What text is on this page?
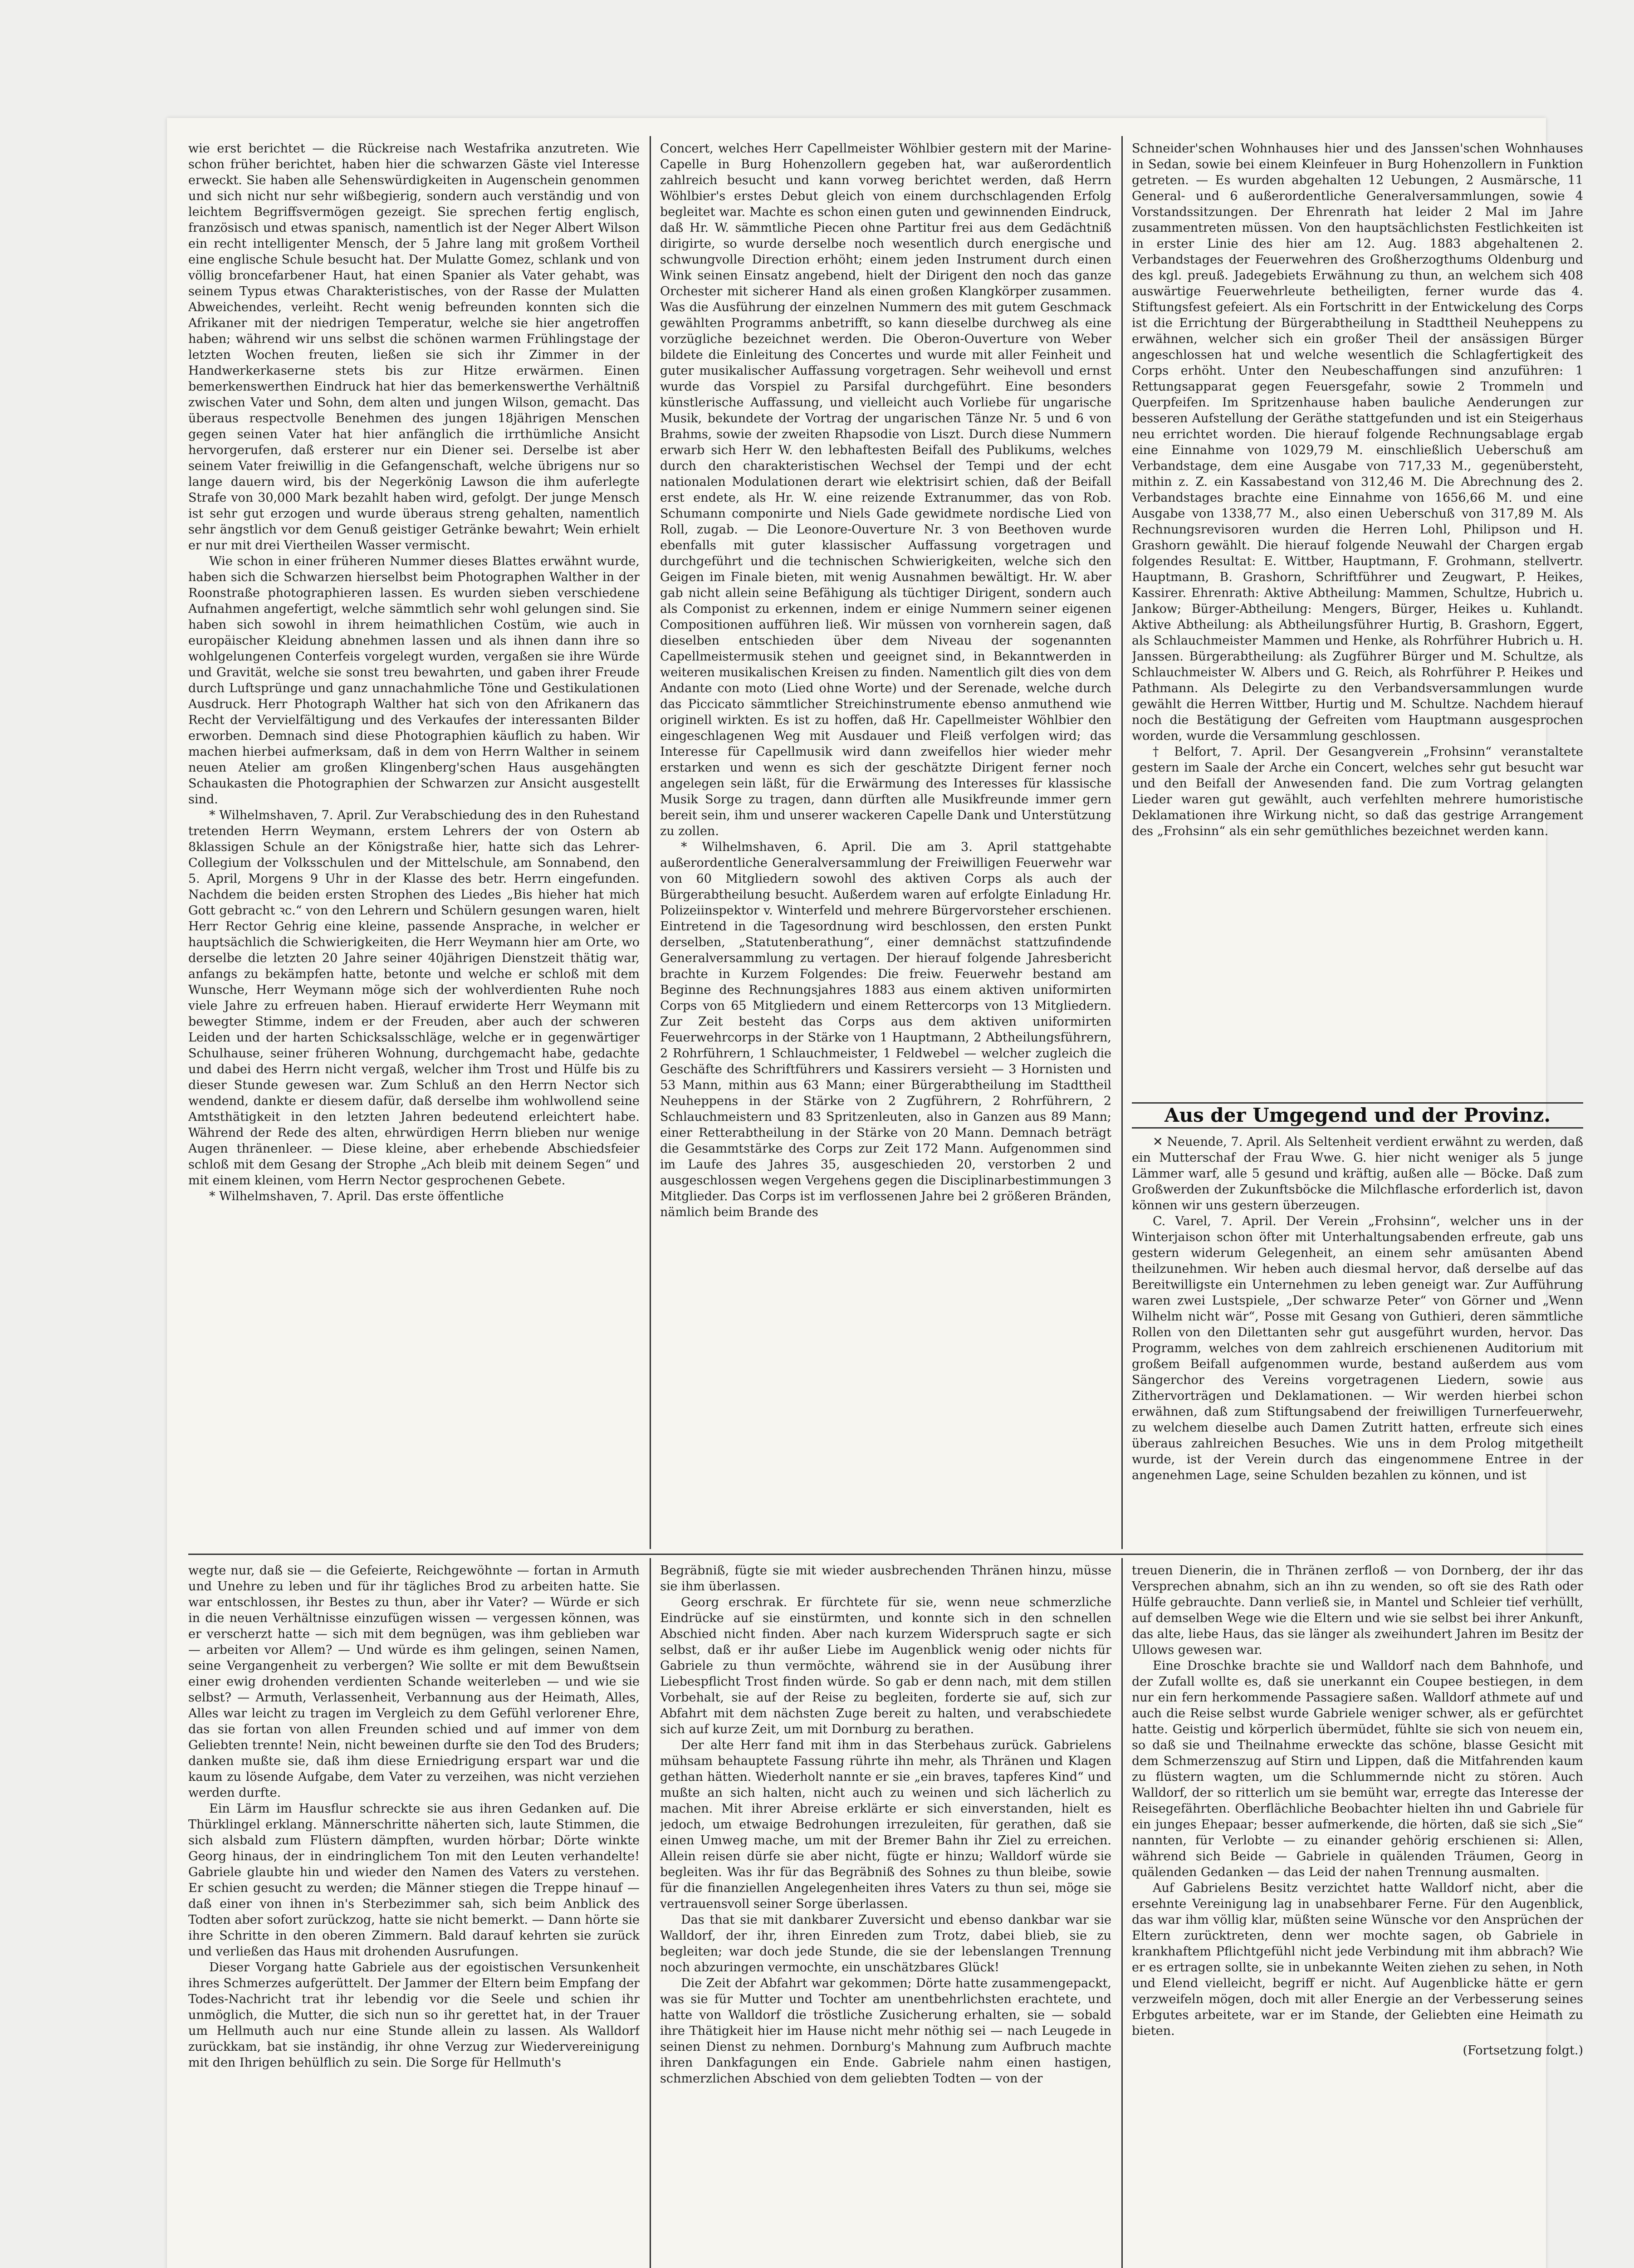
wie erst berichtet — die Rückreise nach Westafrika anzutreten. Wie schon früher berichtet, haben hier die schwarzen Gäste viel Interesse erweckt. Sie haben alle Sehenswürdigkeiten in Augenschein genommen und sich nicht nur sehr wißbegierig, sondern auch verständig und von leichtem Begriffsvermögen gezeigt. Sie sprechen fertig englisch, französisch und etwas spanisch, namentlich ist der Neger Albert Wilson ein recht intelligenter Mensch, der 5 Jahre lang mit großem Vortheil eine englische Schule besucht hat. Der Mulatte Gomez, schlank und von völlig broncefarbener Haut, hat einen Spanier als Vater gehabt, was seinem Typus etwas Charakteristisches, von der Rasse der Mulatten Abweichendes, verleiht. Recht wenig befreunden konnten sich die Afrikaner mit der niedrigen Temperatur, welche sie hier angetroffen haben; während wir uns selbst die schönen warmen Frühlingstage der letzten Wochen freuten, ließen sie sich ihr Zimmer in der Handwerkerkaserne stets bis zur Hitze erwärmen. Einen bemerkenswerthen Eindruck hat hier das bemerkenswerthe Verhältniß zwischen Vater und Sohn, dem alten und jungen Wilson, gemacht. Das überaus respectvolle Benehmen des jungen 18jährigen Menschen gegen seinen Vater hat hier anfänglich die irrthümliche Ansicht hervorgerufen, daß ersterer nur ein Diener sei. Derselbe ist aber seinem Vater freiwillig in die Gefangenschaft, welche übrigens nur so lange dauern wird, bis der Negerkönig Lawson die ihm auferlegte Strafe von 30,000 Mark bezahlt haben wird, gefolgt. Der junge Mensch ist sehr gut erzogen und wurde überaus streng gehalten, namentlich sehr ängstlich vor dem Genuß geistiger Getränke bewahrt; Wein erhielt er nur mit drei Viertheilen Wasser vermischt.

Wie schon in einer früheren Nummer dieses Blattes erwähnt wurde, haben sich die Schwarzen hierselbst beim Photographen Walther in der Roonstraße photographieren lassen. Es wurden sieben verschiedene Aufnahmen angefertigt, welche sämmtlich sehr wohl gelungen sind. Sie haben sich sowohl in ihrem heimathlichen Costüm, wie auch in europäischer Kleidung abnehmen lassen und als ihnen dann ihre so wohlgelungenen Conterfeis vorgelegt wurden, vergaßen sie ihre Würde und Gravität, welche sie sonst treu bewahrten, und gaben ihrer Freude durch Luftsprünge und ganz unnachahmliche Töne und Gestikulationen Ausdruck. Herr Photograph Walther hat sich von den Afrikanern das Recht der Vervielfältigung und des Verkaufes der interessanten Bilder erworben. Demnach sind diese Photographien käuflich zu haben. Wir machen hierbei aufmerksam, daß in dem von Herrn Walther in seinem neuen Atelier am großen Klingenberg'schen Haus ausgehängten Schaukasten die Photographien der Schwarzen zur Ansicht ausgestellt sind.

* Wilhelmshaven, 7. April. Zur Verabschiedung des in den Ruhestand tretenden Herrn Weymann, erstem Lehrers der von Ostern ab 8klassigen Schule an der Königstraße hier, hatte sich das Lehrer-Collegium der Volksschulen und der Mittelschule, am Sonnabend, den 5. April, Morgens 9 Uhr in der Klasse des betr. Herrn eingefunden. Nachdem die beiden ersten Strophen des Liedes „Bis hieher hat mich Gott gebracht ꝛc.“ von den Lehrern und Schülern gesungen waren, hielt Herr Rector Gehrig eine kleine, passende Ansprache, in welcher er hauptsächlich die Schwierigkeiten, die Herr Weymann hier am Orte, wo derselbe die letzten 20 Jahre seiner 40jährigen Dienstzeit thätig war, anfangs zu bekämpfen hatte, betonte und welche er schloß mit dem Wunsche, Herr Weymann möge sich der wohlverdienten Ruhe noch viele Jahre zu erfreuen haben. Hierauf erwiderte Herr Weymann mit bewegter Stimme, indem er der Freuden, aber auch der schweren Leiden und der harten Schicksalsschläge, welche er in gegenwärtiger Schulhause, seiner früheren Wohnung, durchgemacht habe, gedachte und dabei des Herrn nicht vergaß, welcher ihm Trost und Hülfe bis zu dieser Stunde gewesen war. Zum Schluß an den Herrn Nector sich wendend, dankte er diesem dafür, daß derselbe ihm wohlwollend seine Amtsthätigkeit in den letzten Jahren bedeutend erleichtert habe. Während der Rede des alten, ehrwürdigen Herrn blieben nur wenige Augen thränenleer. — Diese kleine, aber erhebende Abschiedsfeier schloß mit dem Gesang der Strophe „Ach bleib mit deinem Segen“ und mit einem kleinen, vom Herrn Nector gesprochenen Gebete.

* Wilhelmshaven, 7. April. Das erste öffentliche

Concert, welches Herr Capellmeister Wöhlbier gestern mit der Marine-Capelle in Burg Hohenzollern gegeben hat, war außerordentlich zahlreich besucht und kann vorweg berichtet werden, daß Herrn Wöhlbier's erstes Debut gleich von einem durchschlagenden Erfolg begleitet war. Machte es schon einen guten und gewinnenden Eindruck, daß Hr. W. sämmtliche Piecen ohne Partitur frei aus dem Gedächtniß dirigirte, so wurde derselbe noch wesentlich durch energische und schwungvolle Direction erhöht; einem jeden Instrument durch einen Wink seinen Einsatz angebend, hielt der Dirigent den noch das ganze Orchester mit sicherer Hand als einen großen Klangkörper zusammen. Was die Ausführung der einzelnen Nummern des mit gutem Geschmack gewählten Programms anbetrifft, so kann dieselbe durchweg als eine vorzügliche bezeichnet werden. Die Oberon-Ouverture von Weber bildete die Einleitung des Concertes und wurde mit aller Feinheit und guter musikalischer Auffassung vorgetragen. Sehr weihevoll und ernst wurde das Vorspiel zu Parsifal durchgeführt. Eine besonders künstlerische Auffassung, und vielleicht auch Vorliebe für ungarische Musik, bekundete der Vortrag der ungarischen Tänze Nr. 5 und 6 von Brahms, sowie der zweiten Rhapsodie von Liszt. Durch diese Nummern erwarb sich Herr W. den lebhaftesten Beifall des Publikums, welches durch den charakteristischen Wechsel der Tempi und der echt nationalen Modulationen derart wie elektrisirt schien, daß der Beifall erst endete, als Hr. W. eine reizende Extranummer, das von Rob. Schumann componirte und Niels Gade gewidmete nordische Lied von Roll, zugab. — Die Leonore-Ouverture Nr. 3 von Beethoven wurde ebenfalls mit guter klassischer Auffassung vorgetragen und durchgeführt und die technischen Schwierigkeiten, welche sich den Geigen im Finale bieten, mit wenig Ausnahmen bewältigt. Hr. W. aber gab nicht allein seine Befähigung als tüchtiger Dirigent, sondern auch als Componist zu erkennen, indem er einige Nummern seiner eigenen Compositionen aufführen ließ. Wir müssen von vornherein sagen, daß dieselben entschieden über dem Niveau der sogenannten Capellmeistermusik stehen und geeignet sind, in Bekanntwerden in weiteren musikalischen Kreisen zu finden. Namentlich gilt dies von dem Andante con moto (Lied ohne Worte) und der Serenade, welche durch das Piccicato sämmtlicher Streichinstrumente ebenso anmuthend wie originell wirkten. Es ist zu hoffen, daß Hr. Capellmeister Wöhlbier den eingeschlagenen Weg mit Ausdauer und Fleiß verfolgen wird; das Interesse für Capellmusik wird dann zweifellos hier wieder mehr erstarken und wenn es sich der geschätzte Dirigent ferner noch angelegen sein läßt, für die Erwärmung des Interesses für klassische Musik Sorge zu tragen, dann dürften alle Musikfreunde immer gern bereit sein, ihm und unserer wackeren Capelle Dank und Unterstützung zu zollen.

* Wilhelmshaven, 6. April. Die am 3. April stattgehabte außerordentliche Generalversammlung der Freiwilligen Feuerwehr war von 60 Mitgliedern sowohl des aktiven Corps als auch der Bürgerabtheilung besucht. Außerdem waren auf erfolgte Einladung Hr. Polizeiinspektor v. Winterfeld und mehrere Bürgervorsteher erschienen. Eintretend in die Tagesordnung wird beschlossen, den ersten Punkt derselben, „Statutenberathung“, einer demnächst stattzufindende Generalversammlung zu vertagen. Der hierauf folgende Jahresbericht brachte in Kurzem Folgendes: Die freiw. Feuerwehr bestand am Beginne des Rechnungsjahres 1883 aus einem aktiven uniformirten Corps von 65 Mitgliedern und einem Rettercorps von 13 Mitgliedern. Zur Zeit besteht das Corps aus dem aktiven uniformirten Feuerwehrcorps in der Stärke von 1 Hauptmann, 2 Abtheilungsführern, 2 Rohrführern, 1 Schlauchmeister, 1 Feldwebel — welcher zugleich die Geschäfte des Schriftführers und Kassirers versieht — 3 Hornisten und 53 Mann, mithin aus 63 Mann; einer Bürgerabtheilung im Stadttheil Neuheppens in der Stärke von 2 Zugführern, 2 Rohrführern, 2 Schlauchmeistern und 83 Spritzenleuten, also in Ganzen aus 89 Mann; einer Retterabtheilung in der Stärke von 20 Mann. Demnach beträgt die Gesammtstärke des Corps zur Zeit 172 Mann. Aufgenommen sind im Laufe des Jahres 35, ausgeschieden 20, verstorben 2 und ausgeschlossen wegen Vergehens gegen die Disciplinarbestimmungen 3 Mitglieder. Das Corps ist im verflossenen Jahre bei 2 größeren Bränden, nämlich beim Brande des

Schneider'schen Wohnhauses hier und des Janssen'schen Wohnhauses in Sedan, sowie bei einem Kleinfeuer in Burg Hohenzollern in Funktion getreten. — Es wurden abgehalten 12 Uebungen, 2 Ausmärsche, 11 General- und 6 außerordentliche Generalversammlungen, sowie 4 Vorstandssitzungen. Der Ehrenrath hat leider 2 Mal im Jahre zusammentreten müssen. Von den hauptsächlichsten Festlichkeiten ist in erster Linie des hier am 12. Aug. 1883 abgehaltenen 2. Verbandstages der Feuerwehren des Großherzogthums Oldenburg und des kgl. preuß. Jadegebiets Erwähnung zu thun, an welchem sich 408 auswärtige Feuerwehrleute betheiligten, ferner wurde das 4. Stiftungsfest gefeiert. Als ein Fortschritt in der Entwickelung des Corps ist die Errichtung der Bürgerabtheilung in Stadttheil Neuheppens zu erwähnen, welcher sich ein großer Theil der ansässigen Bürger angeschlossen hat und welche wesentlich die Schlagfertigkeit des Corps erhöht. Unter den Neubeschaffungen sind anzuführen: 1 Rettungsapparat gegen Feuersgefahr, sowie 2 Trommeln und Querpfeifen. Im Spritzenhause haben bauliche Aenderungen zur besseren Aufstellung der Geräthe stattgefunden und ist ein Steigerhaus neu errichtet worden. Die hierauf folgende Rechnungsablage ergab eine Einnahme von 1029,79 M. einschließlich Ueberschuß am Verbandstage, dem eine Ausgabe von 717,33 M., gegenübersteht, mithin z. Z. ein Kassabestand von 312,46 M. Die Abrechnung des 2. Verbandstages brachte eine Einnahme von 1656,66 M. und eine Ausgabe von 1338,77 M., also einen Ueberschuß von 317,89 M. Als Rechnungsrevisoren wurden die Herren Lohl, Philipson und H. Grashorn gewählt. Die hierauf folgende Neuwahl der Chargen ergab folgendes Resultat: E. Wittber, Hauptmann, F. Grohmann, stellvertr. Hauptmann, B. Grashorn, Schriftführer und Zeugwart, P. Heikes, Kassirer. Ehrenrath: Aktive Abtheilung: Mammen, Schultze, Hubrich u. Jankow; Bürger-Abtheilung: Mengers, Bürger, Heikes u. Kuhlandt. Aktive Abtheilung: als Abtheilungsführer Hurtig, B. Grashorn, Eggert, als Schlauchmeister Mammen und Henke, als Rohrführer Hubrich u. H. Janssen. Bürgerabtheilung: als Zugführer Bürger und M. Schultze, als Schlauchmeister W. Albers und G. Reich, als Rohrführer P. Heikes und Pathmann. Als Delegirte zu den Verbandsversammlungen wurde gewählt die Herren Wittber, Hurtig und M. Schultze. Nachdem hierauf noch die Bestätigung der Gefreiten vom Hauptmann ausgesprochen worden, wurde die Versammlung geschlossen.

† Belfort, 7. April. Der Gesangverein „Frohsinn“ veranstaltete gestern im Saale der Arche ein Concert, welches sehr gut besucht war und den Beifall der Anwesenden fand. Die zum Vortrag gelangten Lieder waren gut gewählt, auch verfehlten mehrere humoristische Deklamationen ihre Wirkung nicht, so daß das gestrige Arrangement des „Frohsinn“ als ein sehr gemüthliches bezeichnet werden kann.

Aus der Umgegend und der Provinz.

✕ Neuende, 7. April. Als Seltenheit verdient erwähnt zu werden, daß ein Mutterschaf der Frau Wwe. G. hier nicht weniger als 5 junge Lämmer warf, alle 5 gesund und kräftig, außen alle — Böcke. Daß zum Großwerden der Zukunftsböcke die Milchflasche erforderlich ist, davon können wir uns gestern überzeugen.

C. Varel, 7. April. Der Verein „Frohsinn“, welcher uns in der Winterjaison schon öfter mit Unterhaltungsabenden erfreute, gab uns gestern widerum Gelegenheit, an einem sehr amüsanten Abend theilzunehmen. Wir heben auch diesmal hervor, daß derselbe auf das Bereitwilligste ein Unternehmen zu leben geneigt war. Zur Aufführung waren zwei Lustspiele, „Der schwarze Peter“ von Görner und „Wenn Wilhelm nicht wär“, Posse mit Gesang von Guthieri, deren sämmtliche Rollen von den Dilettanten sehr gut ausgeführt wurden, hervor. Das Programm, welches von dem zahlreich erschienenen Auditorium mit großem Beifall aufgenommen wurde, bestand außerdem aus vom Sängerchor des Vereins vorgetragenen Liedern, sowie aus Zithervorträgen und Deklamationen. — Wir werden hierbei schon erwähnen, daß zum Stiftungsabend der freiwilligen Turnerfeuerwehr, zu welchem dieselbe auch Damen Zutritt hatten, erfreute sich eines überaus zahlreichen Besuches. Wie uns in dem Prolog mitgetheilt wurde, ist der Verein durch das eingenommene Entree in der angenehmen Lage, seine Schulden bezahlen zu können, und ist

wegte nur, daß sie — die Gefeierte, Reichgewöhnte — fortan in Armuth und Unehre zu leben und für ihr tägliches Brod zu arbeiten hatte. Sie war entschlossen, ihr Bestes zu thun, aber ihr Vater? — Würde er sich in die neuen Verhältnisse einzufügen wissen — vergessen können, was er verscherzt hatte — sich mit dem begnügen, was ihm geblieben war — arbeiten vor Allem? — Und würde es ihm gelingen, seinen Namen, seine Vergangenheit zu verbergen? Wie sollte er mit dem Bewußtsein einer ewig drohenden verdienten Schande weiterleben — und wie sie selbst? — Armuth, Verlassenheit, Verbannung aus der Heimath, Alles, Alles war leicht zu tragen im Vergleich zu dem Gefühl verlorener Ehre, das sie fortan von allen Freunden schied und auf immer von dem Geliebten trennte! Nein, nicht beweinen durfte sie den Tod des Bruders; danken mußte sie, daß ihm diese Erniedrigung erspart war und die kaum zu lösende Aufgabe, dem Vater zu verzeihen, was nicht verziehen werden durfte.

Ein Lärm im Hausflur schreckte sie aus ihren Gedanken auf. Die Thürklingel erklang. Männerschritte näherten sich, laute Stimmen, die sich alsbald zum Flüstern dämpften, wurden hörbar; Dörte winkte Georg hinaus, der in eindringlichem Ton mit den Leuten verhandelte! Gabriele glaubte hin und wieder den Namen des Vaters zu verstehen. Er schien gesucht zu werden; die Männer stiegen die Treppe hinauf — daß einer von ihnen in's Sterbezimmer sah, sich beim Anblick des Todten aber sofort zurückzog, hatte sie nicht bemerkt. — Dann hörte sie ihre Schritte in den oberen Zimmern. Bald darauf kehrten sie zurück und verließen das Haus mit drohenden Ausrufungen.

Dieser Vorgang hatte Gabriele aus der egoistischen Versunkenheit ihres Schmerzes aufgerüttelt. Der Jammer der Eltern beim Empfang der Todes-Nachricht trat ihr lebendig vor die Seele und schien ihr unmöglich, die Mutter, die sich nun so ihr gerettet hat, in der Trauer um Hellmuth auch nur eine Stunde allein zu lassen. Als Walldorf zurückkam, bat sie inständig, ihr ohne Verzug zur Wiedervereinigung mit den Ihrigen behülflich zu sein. Die Sorge für Hellmuth's

Begräbniß, fügte sie mit wieder ausbrechenden Thränen hinzu, müsse sie ihm überlassen.

Georg erschrak. Er fürchtete für sie, wenn neue schmerzliche Eindrücke auf sie einstürmten, und konnte sich in den schnellen Abschied nicht finden. Aber nach kurzem Widerspruch sagte er sich selbst, daß er ihr außer Liebe im Augenblick wenig oder nichts für Gabriele zu thun vermöchte, während sie in der Ausübung ihrer Liebespflicht Trost finden würde. So gab er denn nach, mit dem stillen Vorbehalt, sie auf der Reise zu begleiten, forderte sie auf, sich zur Abfahrt mit dem nächsten Zuge bereit zu halten, und verabschiedete sich auf kurze Zeit, um mit Dornburg zu berathen.

Der alte Herr fand mit ihm in das Sterbehaus zurück. Gabrielens mühsam behauptete Fassung rührte ihn mehr, als Thränen und Klagen gethan hätten. Wiederholt nannte er sie „ein braves, tapferes Kind“ und mußte an sich halten, nicht auch zu weinen und sich lächerlich zu machen. Mit ihrer Abreise erklärte er sich einverstanden, hielt es jedoch, um etwaige Bedrohungen irrezuleiten, für gerathen, daß sie einen Umweg mache, um mit der Bremer Bahn ihr Ziel zu erreichen. Allein reisen dürfe sie aber nicht, fügte er hinzu; Walldorf würde sie begleiten. Was ihr für das Begräbniß des Sohnes zu thun bleibe, sowie für die finanziellen Angelegenheiten ihres Vaters zu thun sei, möge sie vertrauensvoll seiner Sorge überlassen.

Das that sie mit dankbarer Zuversicht und ebenso dankbar war sie Walldorf, der ihr, ihren Einreden zum Trotz, dabei blieb, sie zu begleiten; war doch jede Stunde, die sie der lebenslangen Trennung noch abzuringen vermochte, ein unschätzbares Glück!

Die Zeit der Abfahrt war gekommen; Dörte hatte zusammengepackt, was sie für Mutter und Tochter am unentbehrlichsten erachtete, und hatte von Walldorf die tröstliche Zusicherung erhalten, sie — sobald ihre Thätigkeit hier im Hause nicht mehr nöthig sei — nach Leugede in seinen Dienst zu nehmen. Dornburg's Mahnung zum Aufbruch machte ihren Dankfagungen ein Ende. Gabriele nahm einen hastigen, schmerzlichen Abschied von dem geliebten Todten — von der

treuen Dienerin, die in Thränen zerfloß — von Dornberg, der ihr das Versprechen abnahm, sich an ihn zu wenden, so oft sie des Rath oder Hülfe gebrauchte. Dann verließ sie, in Mantel und Schleier tief verhüllt, auf demselben Wege wie die Eltern und wie sie selbst bei ihrer Ankunft, das alte, liebe Haus, das sie länger als zweihundert Jahren im Besitz der Ullows gewesen war.

Eine Droschke brachte sie und Walldorf nach dem Bahnhofe, und der Zufall wollte es, daß sie unerkannt ein Coupee bestiegen, in dem nur ein fern herkommende Passagiere saßen. Walldorf athmete auf und auch die Reise selbst wurde Gabriele weniger schwer, als er gefürchtet hatte. Geistig und körperlich übermüdet, fühlte sie sich von neuem ein, so daß sie und Theilnahme erweckte das schöne, blasse Gesicht mit dem Schmerzenszug auf Stirn und Lippen, daß die Mitfahrenden kaum zu flüstern wagten, um die Schlummernde nicht zu stören. Auch Walldorf, der so ritterlich um sie bemüht war, erregte das Interesse der Reisegefährten. Oberflächliche Beobachter hielten ihn und Gabriele für ein junges Ehepaar; besser aufmerkende, die hörten, daß sie sich „Sie“ nannten, für Verlobte — zu einander gehörig erschienen si: Allen, während sich Beide — Gabriele in quälenden Träumen, Georg in quälenden Gedanken — das Leid der nahen Trennung ausmalten.

Auf Gabrielens Besitz verzichtet hatte Walldorf nicht, aber die ersehnte Vereinigung lag in unabsehbarer Ferne. Für den Augenblick, das war ihm völlig klar, müßten seine Wünsche vor den Ansprüchen der Eltern zurücktreten, denn wer mochte sagen, ob Gabriele in krankhaftem Pflichtgefühl nicht jede Verbindung mit ihm abbrach? Wie er es ertragen sollte, sie in unbekannte Weiten ziehen zu sehen, in Noth und Elend vielleicht, begriff er nicht. Auf Augenblicke hätte er gern verzweifeln mögen, doch mit aller Energie an der Verbesserung seines Erbgutes arbeitete, war er im Stande, der Geliebten eine Heimath zu bieten.

(Fortsetzung folgt.)
